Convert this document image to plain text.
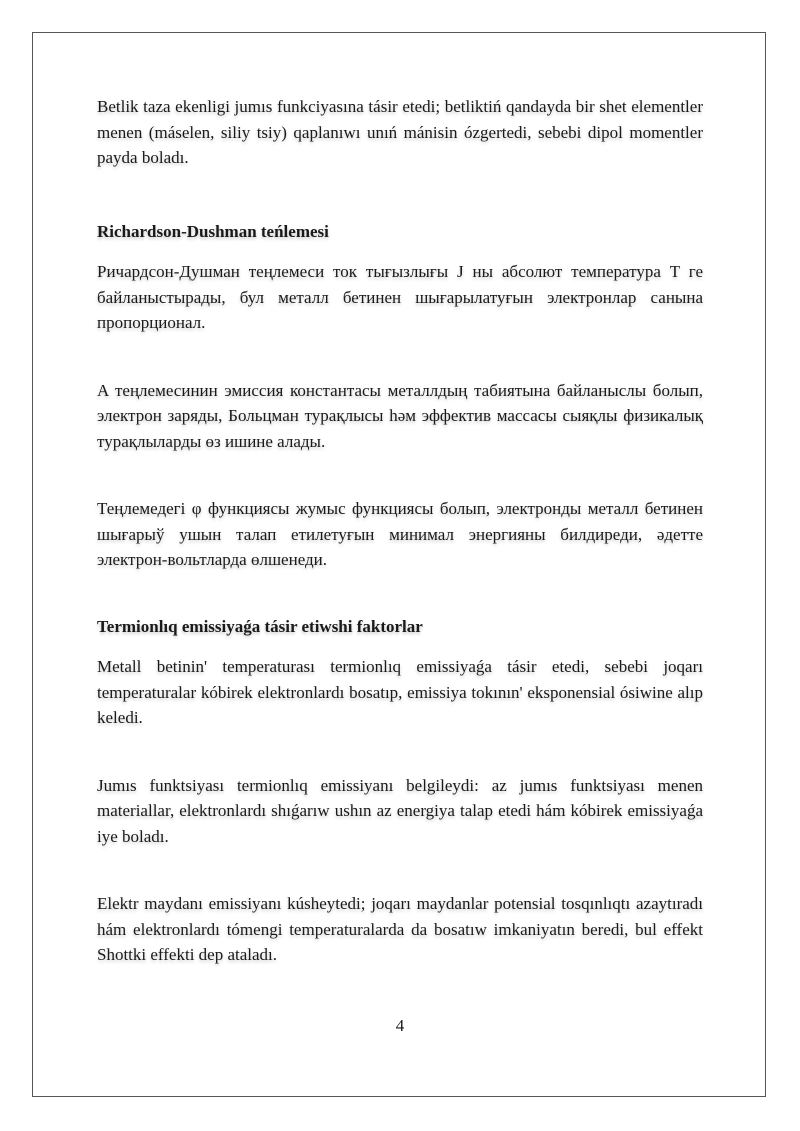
Betlik taza ekenligi jumıs funkciyasına tásir etedi; betliktiń qandayda bir shet elementler menen (máselen, siliy tsiy) qaplanıwı unıń mánisin ózgertedi, sebebi dipol momentler payda boladı.

Richardson-Dushman teńlemesi

Ричардсон-Душман теңлемеси ток тығызлығы J ны абсолют температура T ге байланыстырады, бул металл бетинен шығарылатуғын электронлар санына пропорционал.

A теңлемесинин эмиссия константасы металлдың табиятына байланыслы болып, электрон заряды, Больцман турақлысы һәм эффектив массасы сыяқлы физикалық турақлыларды өз ишине алады.

Теңлемедегі φ функциясы жумыс функциясы болып, электронды металл бетинен шығарыў ушын талап етилетуғын минимал энергияны билдиреди, әдетте электрон-вольтларда өлшенеди.

Termionlıq emissiyaǵa tásir etiwshi faktorlar

Metall betinin' temperaturası termionlıq emissiyaǵa tásir etedi, sebebi joqarı temperaturalar kóbirek elektronlardı bosatıp, emissiya tokının' eksponensial ósiwine alıp keledi.

Jumıs funktsiyası termionlıq emissiyanı belgileydi: az jumıs funktsiyası menen materiallar, elektronlardı shıǵarıw ushın az energiya talap etedi hám kóbirek emissiyaǵa iye boladı.

Elektr maydanı emissiyanı kúsheytedi; joqarı maydanlar potensial tosqınlıqtı azaytıradı hám elektronlardı tómengi temperaturalarda da bosatıw imkaniyatın beredi, bul effekt Shottki effekti dep ataladı.

4
